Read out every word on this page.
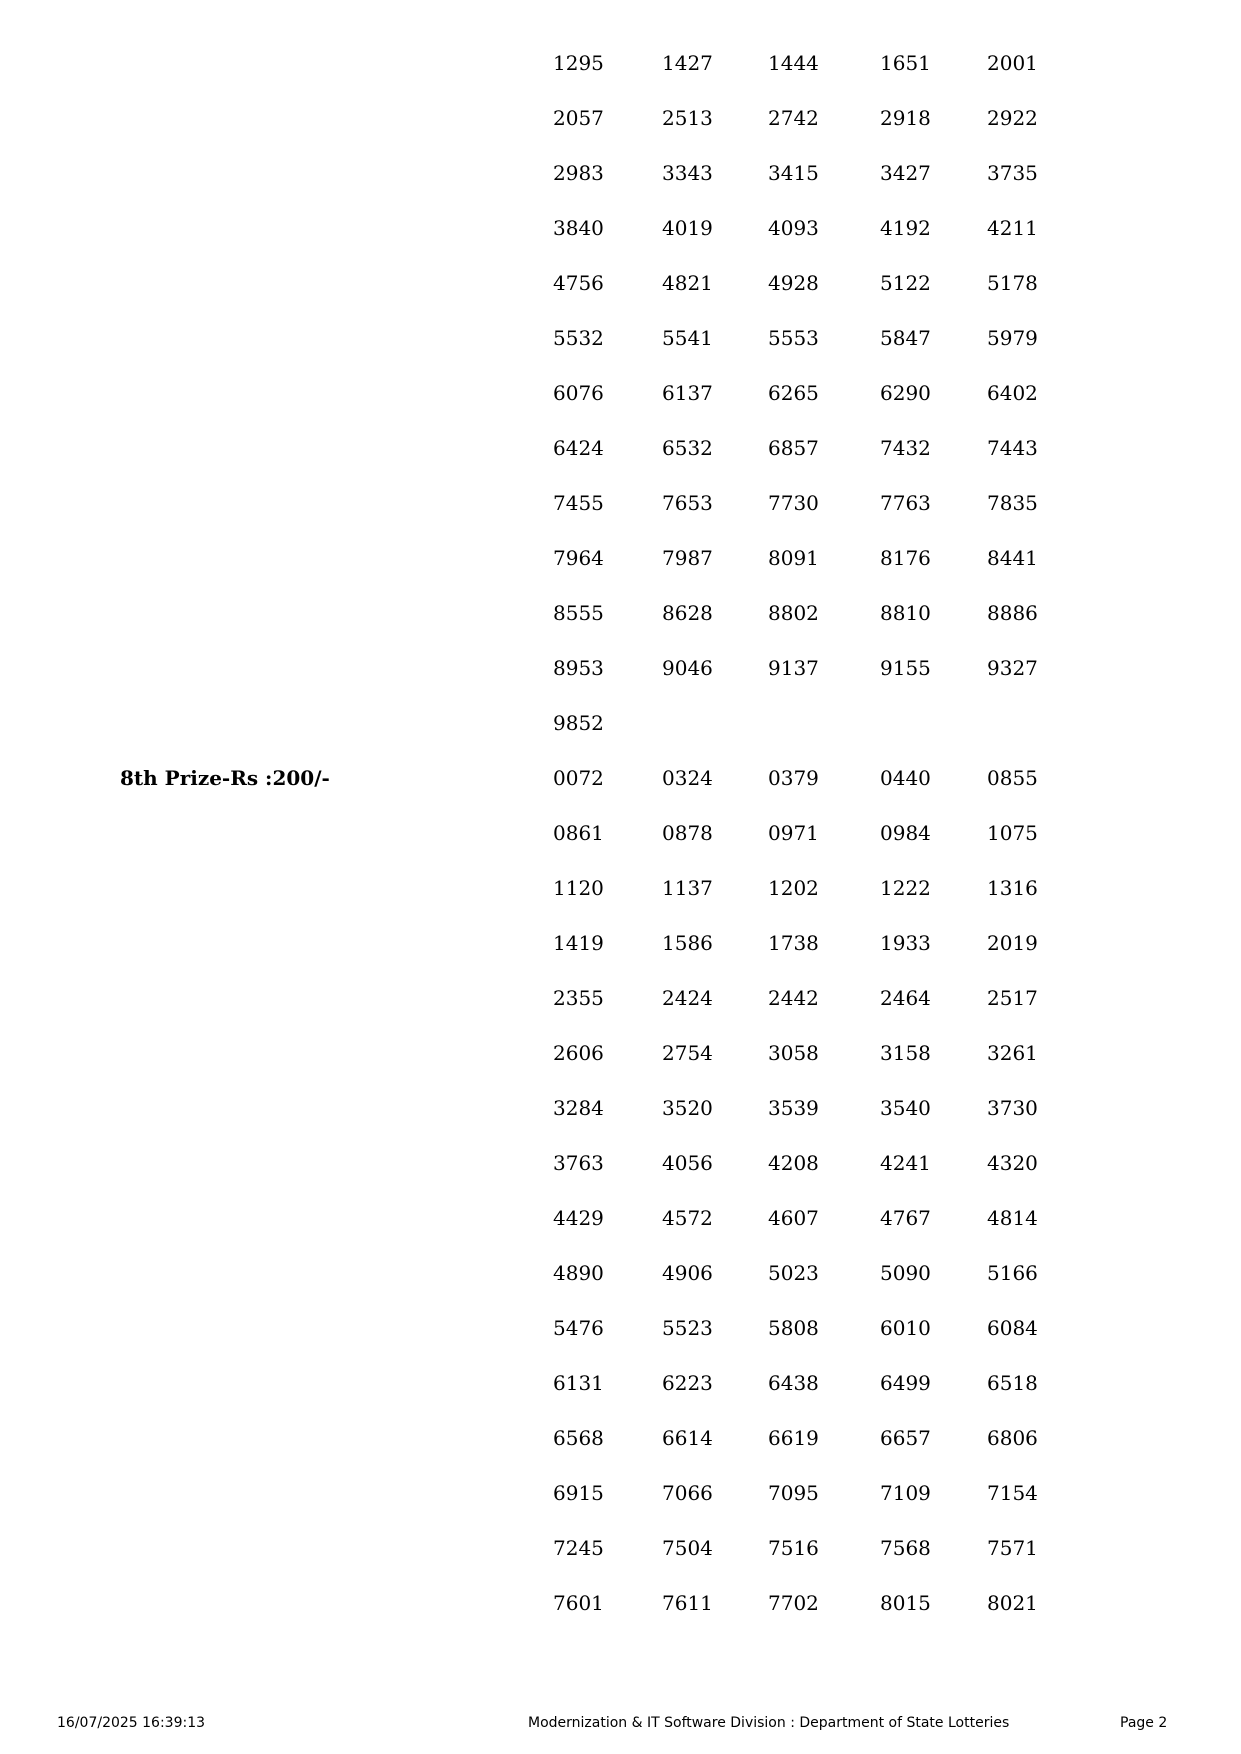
1295	1427	1444	1651	2001
2057	2513	2742	2918	2922
2983	3343	3415	3427	3735
3840	4019	4093	4192	4211
4756	4821	4928	5122	5178
5532	5541	5553	5847	5979
6076	6137	6265	6290	6402
6424	6532	6857	7432	7443
7455	7653	7730	7763	7835
7964	7987	8091	8176	8441
8555	8628	8802	8810	8886
8953	9046	9137	9155	9327
9852
8th Prize-Rs :200/-	0072	0324	0379	0440	0855
0861	0878	0971	0984	1075
1120	1137	1202	1222	1316
1419	1586	1738	1933	2019
2355	2424	2442	2464	2517
2606	2754	3058	3158	3261
3284	3520	3539	3540	3730
3763	4056	4208	4241	4320
4429	4572	4607	4767	4814
4890	4906	5023	5090	5166
5476	5523	5808	6010	6084
6131	6223	6438	6499	6518
6568	6614	6619	6657	6806
6915	7066	7095	7109	7154
7245	7504	7516	7568	7571
7601	7611	7702	8015	8021
16/07/2025 16:39:13	Modernization & IT Software Division : Department of State Lotteries	Page 2
